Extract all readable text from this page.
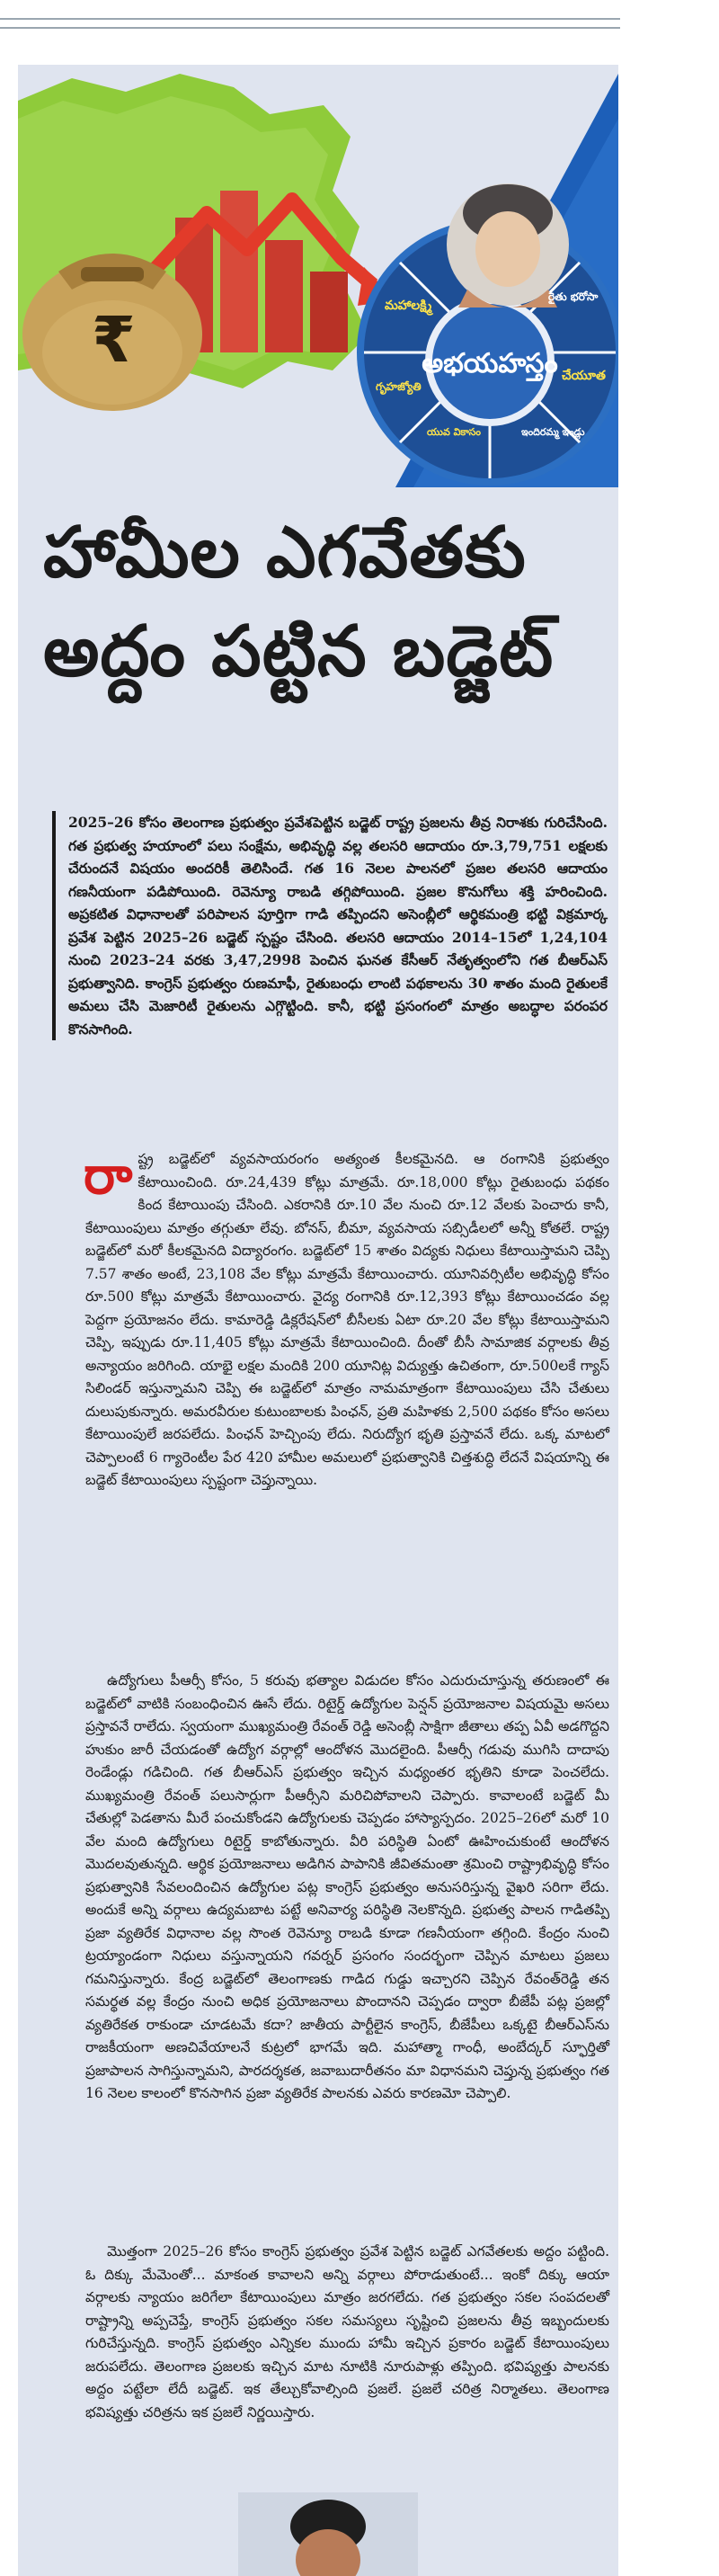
₹	అభయహస్తం
మహాలక్ష్మి
రైతు భరోసా
చేయూత
ఇందిరమ్మ ఇండ్లు
యువ వికాసం
గృహజ్యోతి
హామీల ఎగవేతకు
అద్దం పట్టిన బడ్జెట్
2025–26 కోసం తెలంగాణ ప్రభుత్వం ప్రవేశపెట్టిన బడ్జెట్ రాష్ట్ర ప్రజలను తీవ్ర నిరాశకు గురిచేసింది. గత ప్రభుత్వ హయాంలో పలు సంక్షేమ, అభివృద్ధి వల్ల తలసరి ఆదాయం రూ.3,79,751 లక్షలకు చేరుందనే విషయం అందరికీ తెలిసిందే. గత 16 నెలల పాలనలో ప్రజల తలసరి ఆదాయం గణనీయంగా పడిపోయింది. రెవెన్యూ రాబడి తగ్గిపోయింది. ప్రజల కొనుగోలు శక్తి హరించింది. అప్రకటిత విధానాలతో పరిపాలన పూర్తిగా గాడి తప్పిందని అసెంబ్లీలో ఆర్థికమంత్రి భట్టి విక్రమార్క ప్రవేశ పెట్టిన 2025–26 బడ్జెట్ స్పష్టం చేసింది. తలసరి ఆదాయం 2014–15లో 1,24,104 నుంచి 2023–24 వరకు 3,47,2998 పెంచిన ఘనత కేసీఆర్ నేతృత్వంలోని గత బీఆర్ఎస్ ప్రభుత్వానిది. కాంగ్రెస్ ప్రభుత్వం రుణమాఫీ, రైతుబంధు లాంటి పథకాలను 30 శాతం మంది రైతులకే అమలు చేసి మెజారిటీ రైతులను ఎగ్గొట్టింది. కానీ, భట్టి ప్రసంగంలో మాత్రం అబద్ధాల పరంపర కొనసాగింది.
రాష్ట్ర బడ్జెట్‌లో వ్యవసాయరంగం అత్యంత కీలకమైనది. ఆ రంగానికి ప్రభుత్వం కేటాయించింది. రూ.24,439 కోట్లు మాత్రమే. రూ.18,000 కోట్లు రైతుబంధు పథకం కింద కేటాయింపు చేసింది. ఎకరానికి రూ.10 వేల నుంచి రూ.12 వేలకు పెంచారు కానీ, కేటాయింపులు మాత్రం తగ్గుతూ లేవు. బోనస్, బీమా, వ్యవసాయ సబ్సిడీలలో అన్నీ కోతలే. రాష్ట్ర బడ్జెట్‌లో మరో కీలకమైనది విద్యారంగం. బడ్జెట్‌లో 15 శాతం విద్యకు నిధులు కేటాయిస్తామని చెప్పి 7.57 శాతం అంటే, 23,108 వేల కోట్లు మాత్రమే కేటాయించారు. యూనివర్సిటీల అభివృద్ధి కోసం రూ.500 కోట్లు మాత్రమే కేటాయించారు. వైద్య రంగానికి రూ.12,393 కోట్లు కేటాయించడం వల్ల పెద్దగా ప్రయోజనం లేదు. కామారెడ్డి డిక్లరేషన్‌లో బీసీలకు ఏటా రూ.20 వేల కోట్లు కేటాయిస్తామని చెప్పి, ఇప్పుడు రూ.11,405 కోట్లు మాత్రమే కేటాయించింది. దీంతో బీసీ సామాజిక వర్గాలకు తీవ్ర అన్యాయం జరిగింది. యాభై లక్షల మందికి 200 యూనిట్ల విద్యుత్తు ఉచితంగా, రూ.500లకే గ్యాస్ సిలిండర్ ఇస్తున్నామని చెప్పి ఈ బడ్జెట్‌లో మాత్రం నామమాత్రంగా కేటాయింపులు చేసి చేతులు దులుపుకున్నారు. అమరవీరుల కుటుంబాలకు పింఛన్, ప్రతి మహిళకు 2,500 పథకం కోసం అసలు కేటాయింపులే జరపలేదు. పింఛన్ హెచ్చింపు లేదు. నిరుద్యోగ భృతి ప్రస్తావనే లేదు. ఒక్క మాటలో చెప్పాలంటే 6 గ్యారెంటీల పేర 420 హామీల అమలులో ప్రభుత్వానికి చిత్తశుద్ధి లేదనే విషయాన్ని ఈ బడ్జెట్ కేటాయింపులు స్పష్టంగా చెప్తున్నాయి.
ఉద్యోగులు పీఆర్సీ కోసం, 5 కరువు భత్యాల విడుదల కోసం ఎదురుచూస్తున్న తరుణంలో ఈ బడ్జెట్‌లో వాటికి సంబంధించిన ఊసే లేదు. రిటైర్డ్ ఉద్యోగుల పెన్షన్ ప్రయోజనాల విషయమై అసలు ప్రస్తావనే రాలేదు. స్వయంగా ముఖ్యమంత్రి రేవంత్ రెడ్డి అసెంబ్లీ సాక్షిగా జీతాలు తప్ప ఏవీ అడగొద్దని హుకుం జారీ చేయడంతో ఉద్యోగ వర్గాల్లో ఆందోళన మొదలైంది. పీఆర్సీ గడువు ముగిసి దాదాపు రెండేండ్లు గడిచింది. గత బీఆర్ఎస్ ప్రభుత్వం ఇచ్చిన మధ్యంతర భృతిని కూడా పెంచలేదు. ముఖ్యమంత్రి రేవంత్ పలుసార్లుగా పీఆర్సీని మరిచిపోవాలని చెప్పారు. కావాలంటే బడ్జెట్ మీ చేతుల్లో పెడతాను మీరే పంచుకోండని ఉద్యోగులకు చెప్పడం హాస్యాస్పదం. 2025–26లో మరో 10 వేల మంది ఉద్యోగులు రిటైర్డ్ కాబోతున్నారు. వీరి పరిస్థితి ఏంటో ఊహించుకుంటే ఆందోళన మొదలవుతున్నది. ఆర్థిక ప్రయోజనాలు అడిగిన పాపానికి జీవితమంతా శ్రమించి రాష్ట్రాభివృద్ధి కోసం ప్రభుత్వానికి సేవలందించిన ఉద్యోగుల పట్ల కాంగ్రెస్ ప్రభుత్వం అనుసరిస్తున్న వైఖరి సరిగా లేదు. అందుకే అన్ని వర్గాలు ఉద్యమబాట పట్టే అనివార్య పరిస్థితి నెలకొన్నది. ప్రభుత్వ పాలన గాడితప్పి ప్రజా వ్యతిరేక విధానాల వల్ల సొంత రెవెన్యూ రాబడి కూడా గణనీయంగా తగ్గింది. కేంద్రం నుంచి ట్రయ్యాండంగా నిధులు వస్తున్నాయని గవర్నర్ ప్రసంగం సందర్భంగా చెప్పిన మాటలు ప్రజలు గమనిస్తున్నారు. కేంద్ర బడ్జెట్‌లో తెలంగాణకు గాడిద గుడ్డు ఇచ్చారని చెప్పిన రేవంత్‌రెడ్డి తన సమర్థత వల్ల కేంద్రం నుంచి అధిక ప్రయోజనాలు పొందానని చెప్పడం ద్వారా బీజేపీ పట్ల ప్రజల్లో వ్యతిరేకత రాకుండా చూడటమే కదా? జాతీయ పార్టీలైన కాంగ్రెస్, బీజేపీలు ఒక్కటై బీఆర్ఎస్‌ను రాజకీయంగా అణచివేయాలనే కుట్రలో భాగమే ఇది. మహాత్మా గాంధీ, అంబేద్కర్ స్ఫూర్తితో ప్రజాపాలన సాగిస్తున్నామని, పారదర్శకత, జవాబుదారీతనం మా విధానమని చెప్తున్న ప్రభుత్వం గత 16 నెలల కాలంలో కొనసాగిన ప్రజా వ్యతిరేక పాలనకు ఎవరు కారణమో చెప్పాలి.
మొత్తంగా 2025–26 కోసం కాంగ్రెస్ ప్రభుత్వం ప్రవేశ పెట్టిన బడ్జెట్ ఎగవేతలకు అద్దం పట్టింది. ఓ దిక్కు మేమెంతో... మాకంత కావాలని అన్ని వర్గాలు పోరాడుతుంటే... ఇంకో దిక్కు ఆయా వర్గాలకు న్యాయం జరిగేలా కేటాయింపులు మాత్రం జరగలేదు. గత ప్రభుత్వం సకల సంపదలతో రాష్ట్రాన్ని అప్పచెప్తే, కాంగ్రెస్ ప్రభుత్వం సకల సమస్యలు సృష్టించి ప్రజలను తీవ్ర ఇబ్బందులకు గురిచేస్తున్నది. కాంగ్రెస్ ప్రభుత్వం ఎన్నికల ముందు హామీ ఇచ్చిన ప్రకారం బడ్జెట్ కేటాయింపులు జరుపలేదు. తెలంగాణ ప్రజలకు ఇచ్చిన మాట నూటికి నూరుపాళ్లు తప్పింది. భవిష్యత్తు పాలనకు అద్దం పట్టేలా లేదీ బడ్జెట్. ఇక తేల్చుకోవాల్సింది ప్రజలే. ప్రజలే చరిత్ర నిర్మాతలు. తెలంగాణ భవిష్యత్తు చరిత్రను ఇక ప్రజలే నిర్ణయిస్తారు.
